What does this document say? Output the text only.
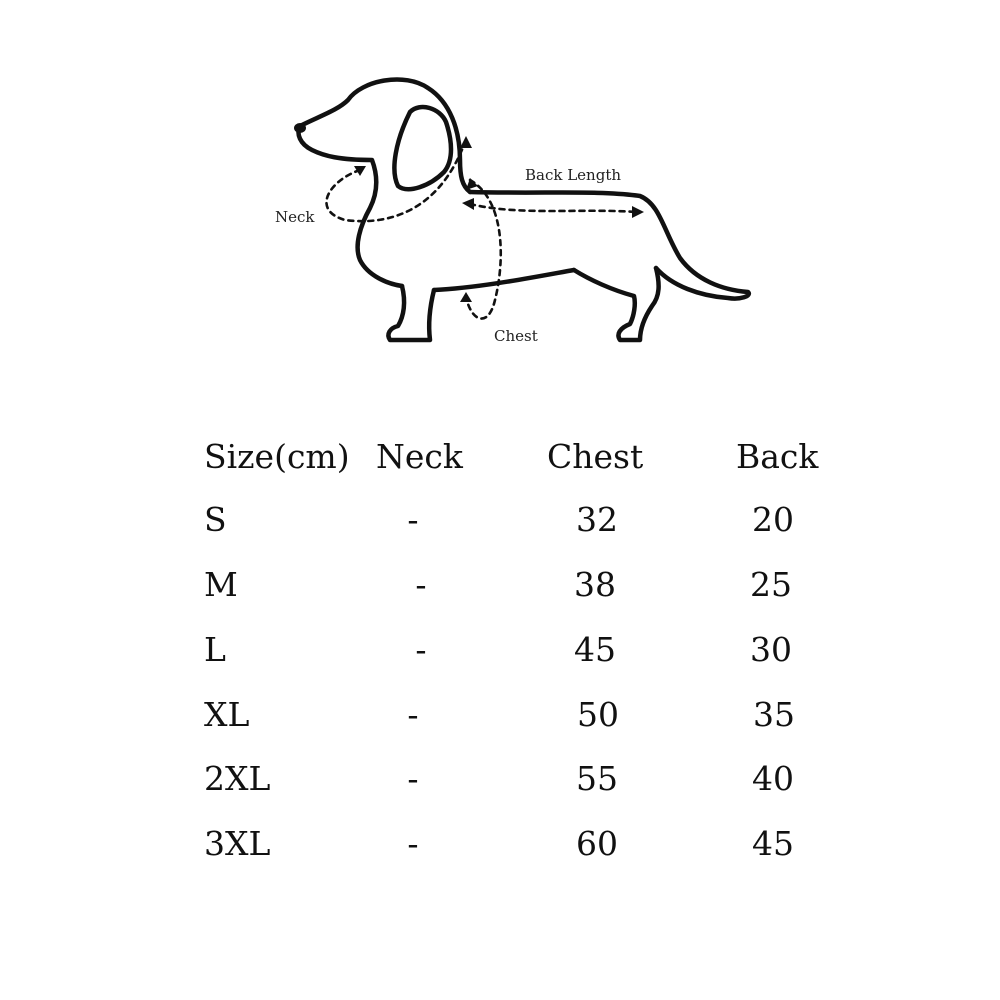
Neck
Back Length
Chest
Size(cm) Neck	Chest	Back
S	-	32	20
M	-	38	25
L	-	45	30
XL	-	50	35
2XL	-	55	40
3XL	-	60	45
